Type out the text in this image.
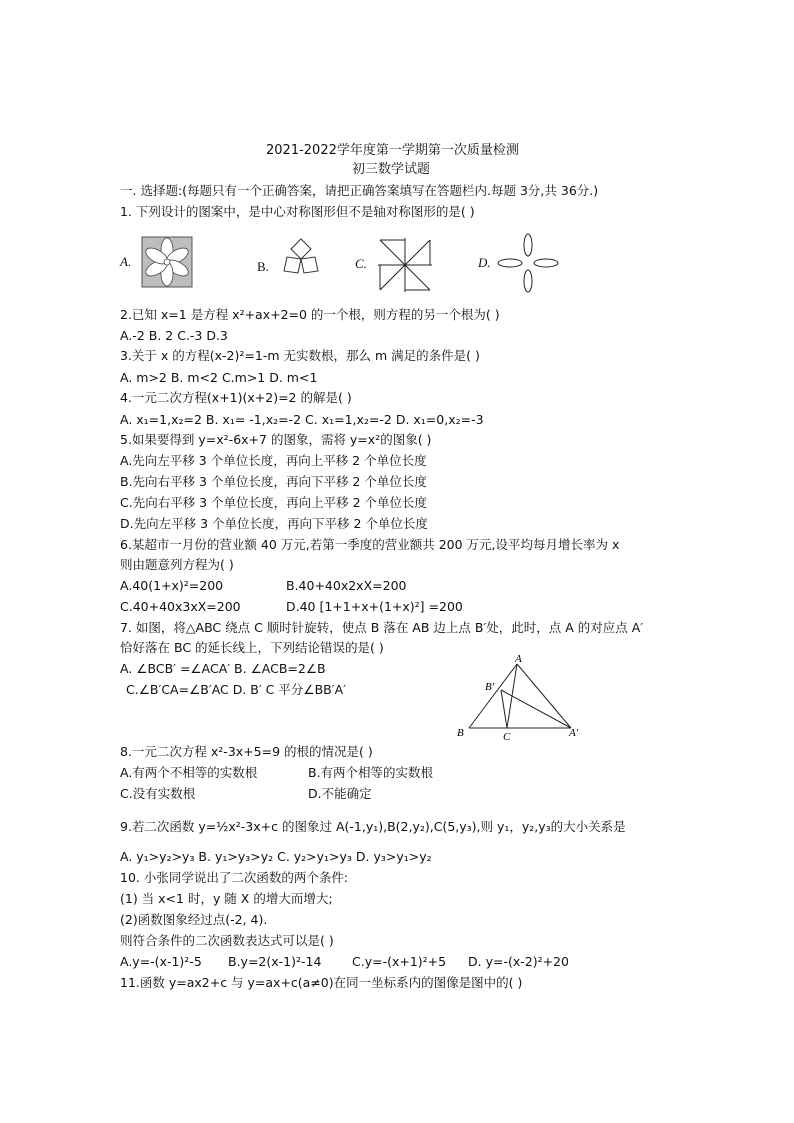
2021-2022学年度第一学期第一次质量检测
初三数学试题
一. 选择题:(每题只有一个正确答案，请把正确答案填写在答题栏内.每题 3分,共 36分.)
1. 下列设计的图案中，是中心对称图形但不是轴对称图形的是( )
A.	B.	C.	D.
2.已知 x=1 是方程 x²+ax+2=0 的一个根，则方程的另一个根为( )
A.-2 B. 2 C.-3 D.3
3.关于 x 的方程(x-2)²=1-m 无实数根，那么 m 满足的条件是( )
A. m>2 B. m<2 C.m>1 D. m<1
4.一元二次方程(x+1)(x+2)=2 的解是( )
A. x₁=1,x₂=2 B. x₁= -1,x₂=-2 C. x₁=1,x₂=-2 D. x₁=0,x₂=-3
5.如果要得到 y=x²-6x+7 的图象，需将 y=x²的图象( )
A.先向左平移 3 个单位长度，再向上平移 2 个单位长度
B.先向右平移 3 个单位长度，再向下平移 2 个单位长度
C.先向右平移 3 个单位长度，再向上平移 2 个单位长度
D.先向左平移 3 个单位长度，再向下平移 2 个单位长度
6.某超市一月份的营业额 40 万元,若第一季度的营业额共 200 万元,设平均每月增长率为 x
则由题意列方程为( )
A.40(1+x)²=200	B.40+40x2xX=200
C.40+40x3xX=200	D.40 [1+1+x+(1+x)²] =200
7. 如图，将△ABC 绕点 C 顺时针旋转，使点 B 落在 AB 边上点 B′处，此时，点 A 的对应点 A′
恰好落在 BC 的延长线上，下列结论错误的是( )
A. ∠BCB′ =∠ACA′ B. ∠ACB=2∠B
C.∠B′CA=∠B′AC D. B′ C 平分∠BB′A′
A
B	C
B′
A′
8.一元二次方程 x²-3x+5=9 的根的情况是( )
A.有两个不相等的实数根	B.有两个相等的实数根
C.没有实数根	D.不能确定
9.若二次函数 y=½x²-3x+c 的图象过 A(-1,y₁),B(2,y₂),C(5,y₃),则 y₁，y₂,y₃的大小关系是
A. y₁>y₂>y₃ B. y₁>y₃>y₂ C. y₂>y₁>y₃ D. y₃>y₁>y₂
10. 小张同学说出了二次函数的两个条件:
(1) 当 x<1 时，y 随 X 的增大而增大;
(2)函数图象经过点(-2, 4).
则符合条件的二次函数表达式可以是( )
A.y=-(x-1)²-5 B.y=2(x-1)²-14 C.y=-(x+1)²+5 D. y=-(x-2)²+20
11.函数 y=ax2+c 与 y=ax+c(a≠0)在同一坐标系内的图像是图中的( )
